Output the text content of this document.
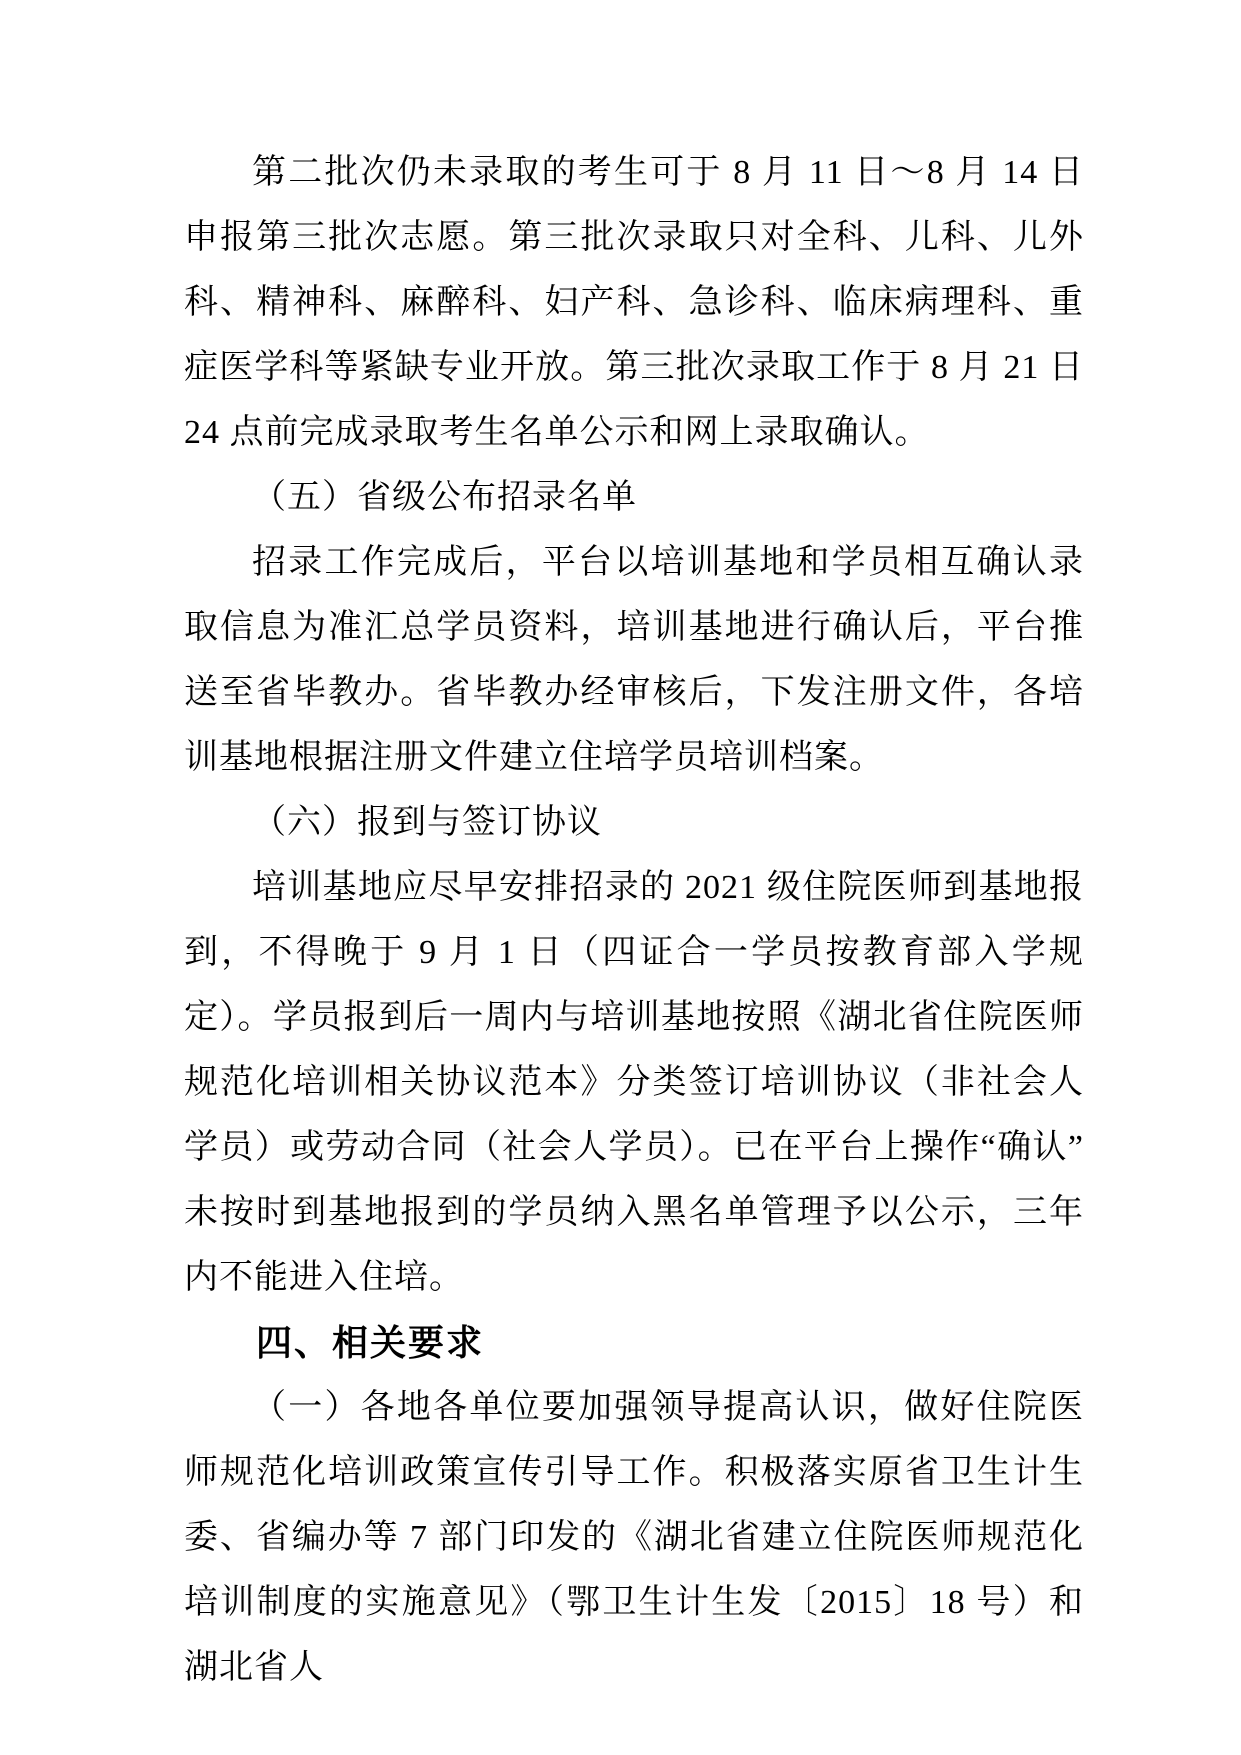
第二批次仍未录取的考生可于 8 月 11 日～8 月 14 日申报第三批次志愿。第三批次录取只对全科、儿科、儿外科、精神科、麻醉科、妇产科、急诊科、临床病理科、重症医学科等紧缺专业开放。第三批次录取工作于 8 月 21 日 24 点前完成录取考生名单公示和网上录取确认。

（五）省级公布招录名单

招录工作完成后，平台以培训基地和学员相互确认录取信息为准汇总学员资料，培训基地进行确认后，平台推送至省毕教办。省毕教办经审核后，下发注册文件，各培训基地根据注册文件建立住培学员培训档案。

（六）报到与签订协议

培训基地应尽早安排招录的 2021 级住院医师到基地报到，不得晚于 9 月 1 日（四证合一学员按教育部入学规定）。学员报到后一周内与培训基地按照《湖北省住院医师规范化培训相关协议范本》分类签订培训协议（非社会人学员）或劳动合同（社会人学员）。已在平台上操作“确认” 未按时到基地报到的学员纳入黑名单管理予以公示，三年内不能进入住培。

四、相关要求

（一）各地各单位要加强领导提高认识，做好住院医师规范化培训政策宣传引导工作。积极落实原省卫生计生委、省编办等 7 部门印发的《湖北省建立住院医师规范化培训制度的实施意见》（鄂卫生计生发〔2015〕18 号）和湖北省人
